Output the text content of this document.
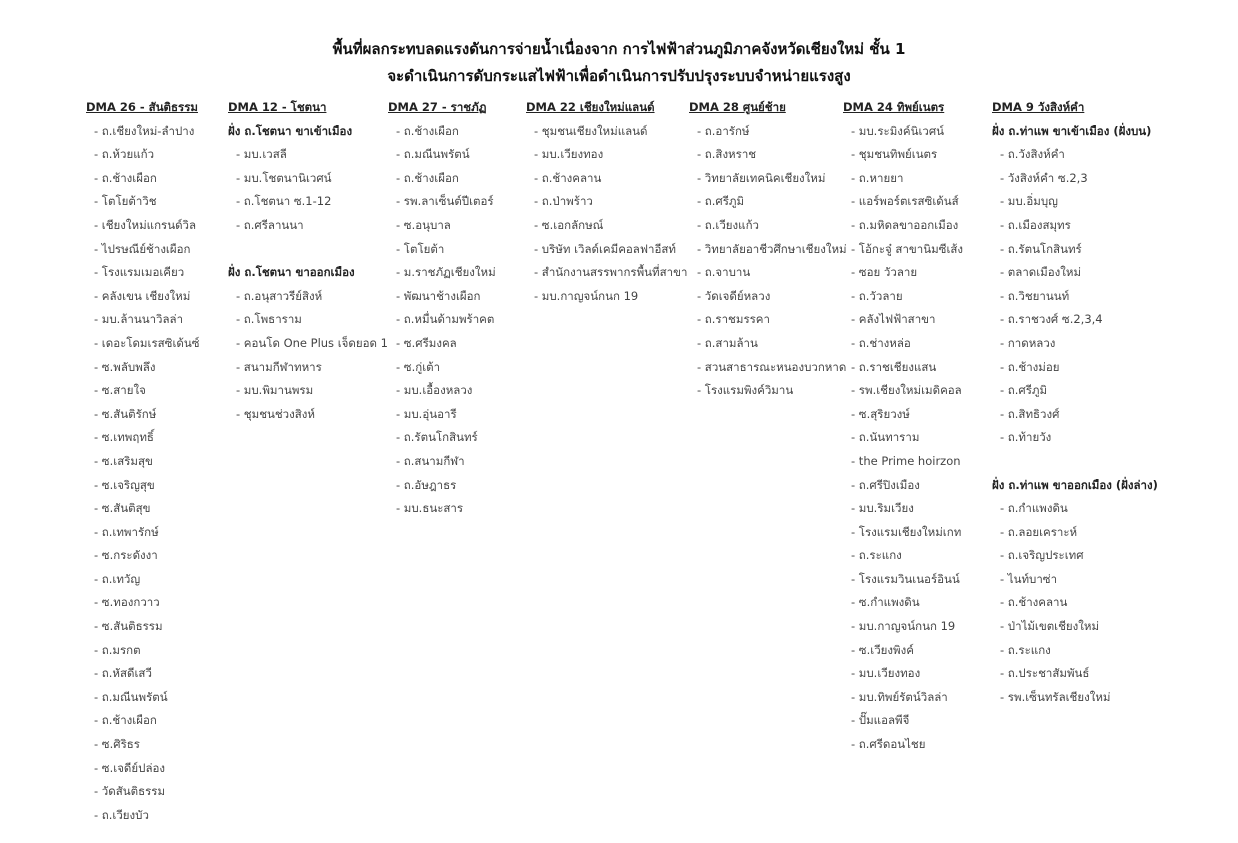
พื้นที่ผลกระทบลดแรงดันการจ่ายน้ำเนื่องจาก การไฟฟ้าส่วนภูมิภาคจังหวัดเชียงใหม่ ชั้น 1
จะดำเนินการดับกระแสไฟฟ้าเพื่อดำเนินการปรับปรุงระบบจำหน่ายแรงสูง
DMA 26 - สันติธรรม
- ถ.เชียงใหม่-ลำปาง
- ถ.ห้วยแก้ว
- ถ.ช้างเผือก
- โตโยต้าวิช
- เชียงใหม่แกรนด์วิล
- ไปรษณีย์ช้างเผือก
- โรงแรมเมอเคียว
- คลังเขน เชียงใหม่
- มบ.ล้านนาวิลล่า
- เดอะโดมเรสซิเด้นซ์
- ซ.พลับพลึง
- ซ.สายใจ
- ซ.สันติรักษ์
- ซ.เทพฤทธิ์
- ซ.เสริมสุข
- ซ.เจริญสุข
- ซ.สันติสุข
- ถ.เทพารักษ์
- ซ.กระดังงา
- ถ.เทวัญ
- ซ.ทองกวาว
- ซ.สันติธรรม
- ถ.มรกต
- ถ.หัสดีเสวี
- ถ.มณีนพรัตน์
- ถ.ช้างเผือก
- ซ.ศิริธร
- ซ.เจดีย์ปล่อง
- วัดสันติธรรม
- ถ.เวียงบัว
DMA 12 - โชตนา
ฝั่ง ถ.โชตนา ขาเข้าเมือง
- มบ.เวสลี
- มบ.โชตนานิเวศน์
- ถ.โชตนา ซ.1-12
- ถ.ศรีลานนา
ฝั่ง ถ.โชตนา ขาออกเมือง
- ถ.อนุสาวรีย์สิงห์
- ถ.โพธาราม
- คอนโด One Plus เจ็ดยอด 1
- สนามกีฬาทหาร
- มบ.พิมานพรม
- ชุมชนช่วงสิงห์
DMA 27 - ราชภัฏ
- ถ.ช้างเผือก
- ถ.มณีนพรัตน์
- ถ.ช้างเผือก
- รพ.ลาเซ็นต์ปีเตอร์
- ซ.อนุบาล
- โตโยต้า
- ม.ราชภัฏเชียงใหม่
- พัฒนาช้างเผือก
- ถ.หมื่นด้ามพร้าคต
- ซ.ศรีมงคล
- ซ.กู่เต้า
- มบ.เอื้องหลวง
- มบ.อุ่นอารี
- ถ.รัตนโกสินทร์
- ถ.สนามกีฬา
- ถ.อัษฎาธร
- มบ.ธนะสาร
DMA 22 เชียงใหม่แลนด์
- ชุมชนเชียงใหม่แลนด์
- มบ.เวียงทอง
- ถ.ช้างคลาน
- ถ.ป่าพร้าว
- ซ.เอกลักษณ์
- บริษัท เวิลด์เคมีคอลฟาอีสท์
- สำนักงานสรรพากรพื้นที่สาขา
- มบ.กาญจน์กนก 19
DMA 28 ศูนย์ช้าย
- ถ.อารักษ์
- ถ.สิงหราช
- วิทยาลัยเทคนิคเชียงใหม่
- ถ.ศรีภูมิ
- ถ.เวียงแก้ว
- วิทยาลัยอาชีวศึกษาเชียงใหม่
- ถ.จาบาน
- วัดเจดีย์หลวง
- ถ.ราชมรรคา
- ถ.สามล้าน
- สวนสาธารณะหนองบวกหาด
- โรงแรมพิงค์วิมาน
DMA 24 ทิพย์เนตร
- มบ.ระมิงค์นิเวศน์
- ชุมชนทิพย์เนตร
- ถ.หายยา
- แอร์พอร์ตเรสซิเด้นส์
- ถ.มหิดลขาออกเมือง
- โอ้กะจู๋ สาขานิมซีเส้ง
- ซอย วัวลาย
- ถ.วัวลาย
- คลังไฟฟ้าสาขา
- ถ.ช่างหล่อ
- ถ.ราชเชียงแสน
- รพ.เชียงใหม่เมดิคอล
- ซ.สุริยวงษ์
- ถ.นันทาราม
- the Prime hoirzon
- ถ.ศรีปิงเมือง
- มบ.ริมเวียง
- โรงแรมเชียงใหม่เกท
- ถ.ระแกง
- โรงแรมวินเนอร์อินน์
- ซ.กำแพงดิน
- มบ.กาญจน์กนก 19
- ซ.เวียงพิงค์
- มบ.เวียงทอง
- มบ.ทิพย์รัตน์วิลล่า
- ปั๊มแอลพีจี
- ถ.ศรีดอนไชย
DMA 9 วังสิงห์คำ
ฝั่ง ถ.ท่าแพ ขาเข้าเมือง (ฝั่งบน)
- ถ.วังสิงห์คำ
- วังสิงห์คำ ซ.2,3
- มบ.อิ่มบุญ
- ถ.เมืองสมุทร
- ถ.รัตนโกสินทร์
- ตลาดเมืองใหม่
- ถ.วิชยานนท์
- ถ.ราชวงศ์ ซ.2,3,4
- กาดหลวง
- ถ.ช้างม่อย
- ถ.ศรีภูมิ
- ถ.สิทธิวงศ์
- ถ.ท้ายวัง
ฝั่ง ถ.ท่าแพ ขาออกเมือง (ฝั่งล่าง)
- ถ.กำแพงดิน
- ถ.ลอยเคราะห์
- ถ.เจริญประเทศ
- ไนท์บาซ่า
- ถ.ช้างคลาน
- ป่าไม้เขตเชียงใหม่
- ถ.ระแกง
- ถ.ประชาสัมพันธ์
- รพ.เซ็นทรัลเชียงใหม่
